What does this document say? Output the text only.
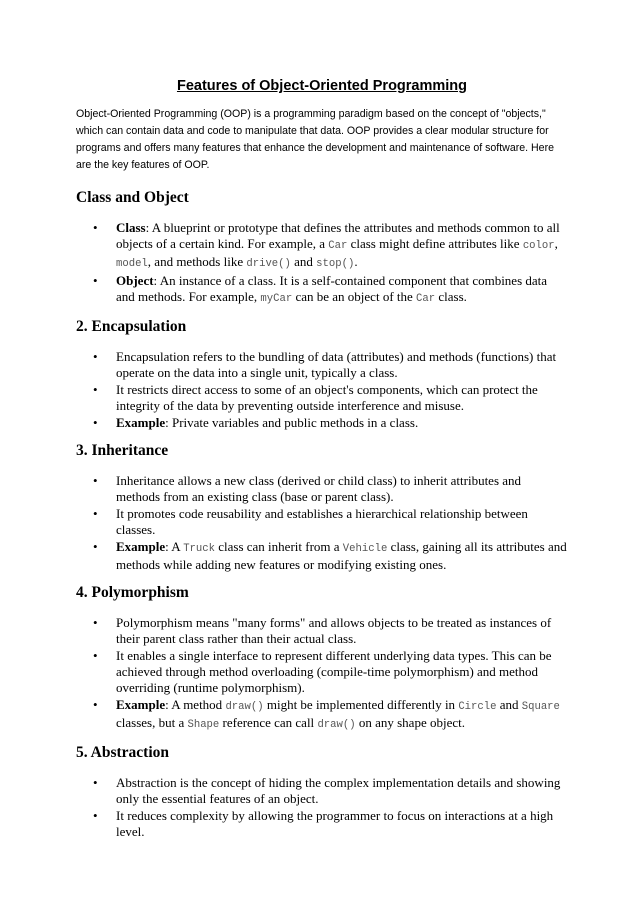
Features of Object-Oriented Programming

Object-Oriented Programming (OOP) is a programming paradigm based on the concept of "objects," which can contain data and code to manipulate that data. OOP provides a clear modular structure for programs and offers many features that enhance the development and maintenance of software. Here are the key features of OOP.

Class and Object
• Class: A blueprint or prototype that defines the attributes and methods common to all objects of a certain kind. For example, a Car class might define attributes like color, model, and methods like drive() and stop().
• Object: An instance of a class. It is a self-contained component that combines data and methods. For example, myCar can be an object of the Car class.
2. Encapsulation
• Encapsulation refers to the bundling of data (attributes) and methods (functions) that operate on the data into a single unit, typically a class.
• It restricts direct access to some of an object's components, which can protect the integrity of the data by preventing outside interference and misuse.
• Example: Private variables and public methods in a class.
3. Inheritance
• Inheritance allows a new class (derived or child class) to inherit attributes and methods from an existing class (base or parent class).
• It promotes code reusability and establishes a hierarchical relationship between classes.
• Example: A Truck class can inherit from a Vehicle class, gaining all its attributes and methods while adding new features or modifying existing ones.
4. Polymorphism
• Polymorphism means "many forms" and allows objects to be treated as instances of their parent class rather than their actual class.
• It enables a single interface to represent different underlying data types. This can be achieved through method overloading (compile-time polymorphism) and method overriding (runtime polymorphism).
• Example: A method draw() might be implemented differently in Circle and Square classes, but a Shape reference can call draw() on any shape object.
5. Abstraction
• Abstraction is the concept of hiding the complex implementation details and showing only the essential features of an object.
• It reduces complexity by allowing the programmer to focus on interactions at a high level.
